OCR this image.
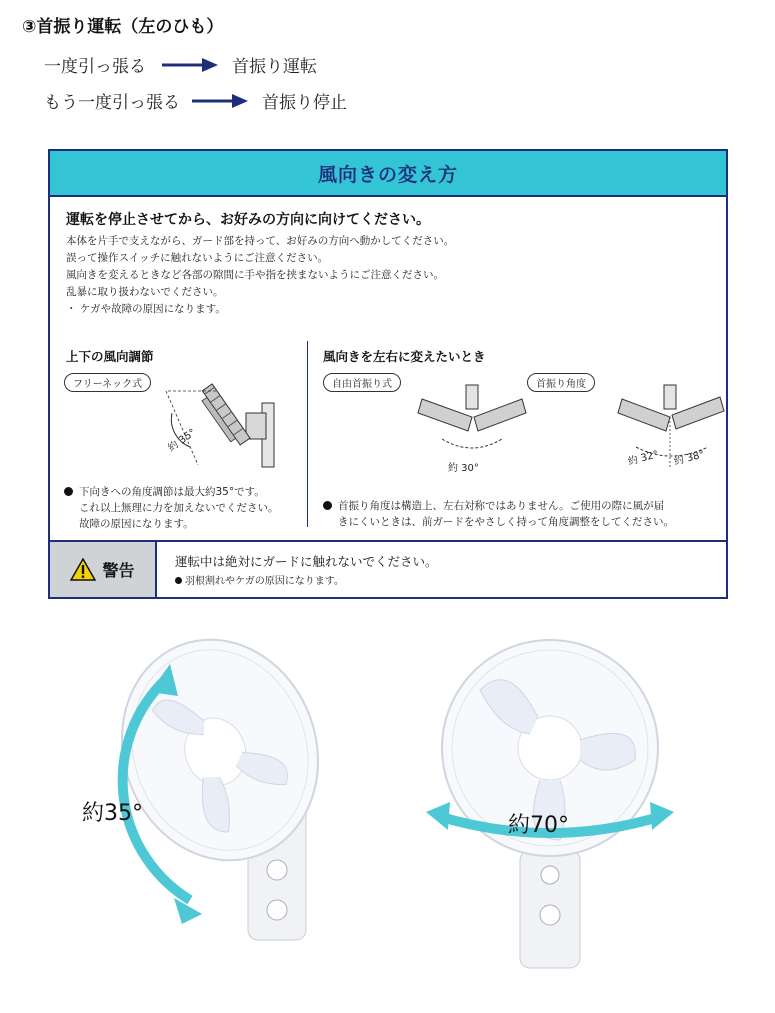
③首振り運転（左のひも）
一度引っ張る	首振り運転
もう一度引っ張る	首振り停止
風向きの変え方
運転を停止させてから、お好みの方向に向けてください。
本体を片手で支えながら、ガード部を持って、お好みの方向へ動かしてください。
誤って操作スイッチに触れないようにご注意ください。
風向きを変えるときなど各部の隙間に手や指を挟まないようにご注意ください。
乱暴に取り扱わないでください。
・ ケガや故障の原因になります。
上下の風向調節
フリーネック式
約 35°
下向きへの角度調節は最大約35°です。
これ以上無理に力を加えないでください。
故障の原因になります。
風向きを左右に変えたいとき
自由首振り式	首振り角度
約 30°
約 32° 約 38°
首振り角度は構造上、左右対称ではありません。ご使用の際に風が届
きにくいときは、前ガードをやさしく持って角度調整をしてください。
警告	運転中は絶対にガードに触れないでください。
羽根割れやケガの原因になります。
約35°	約70°
